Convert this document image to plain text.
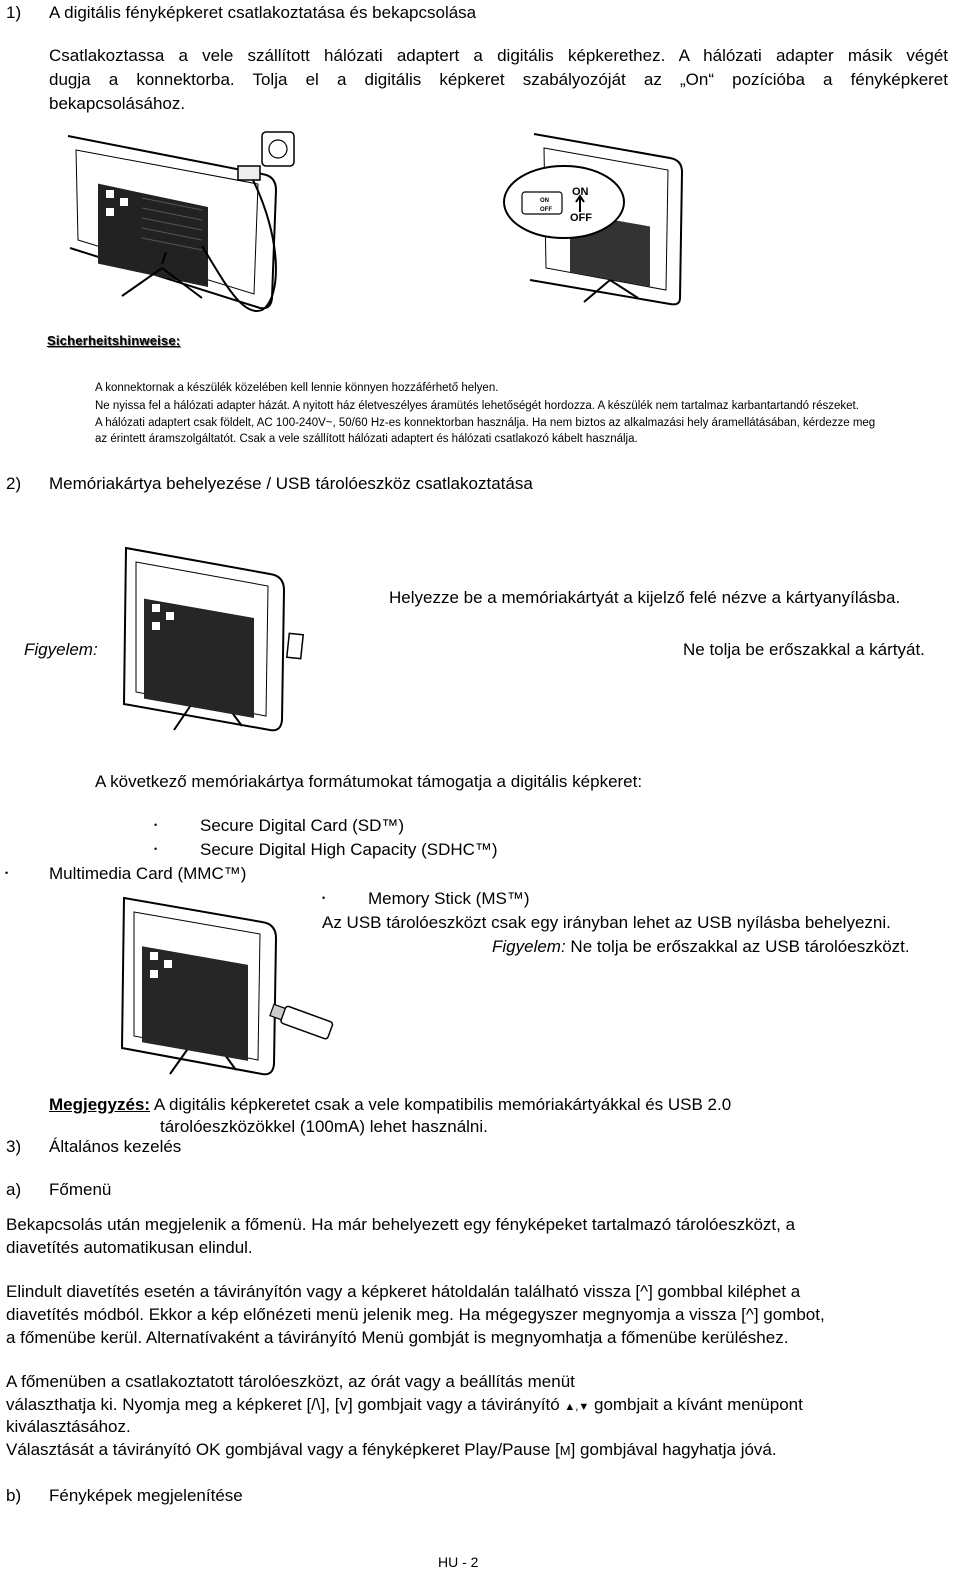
1) A digitális fényképkeret csatlakoztatása és bekapcsolása
Csatlakoztassa a vele szállított hálózati adaptert a digitális képkerethez. A hálózati adapter másik végét
dugja a konnektorba. Tolja el a digitális képkeret szabályozóját az „On“ pozícióba a fényképkeret
bekapcsolásához.
ON
OFF
ON
OFF
Sicherheitshinweise:
A konnektornak a készülék közelében kell lennie könnyen hozzáférhető helyen.
Ne nyissa fel a hálózati adapter házát. A nyitott ház életveszélyes áramütés lehetőségét hordozza. A készülék nem tartalmaz karbantartandó részeket.
A hálózati adaptert csak földelt, AC 100-240V~, 50/60 Hz-es konnektorban használja. Ha nem biztos az alkalmazási hely áramellátásában, kérdezze meg
az érintett áramszolgáltatót. Csak a vele szállított hálózati adaptert és hálózati csatlakozó kábelt használja.
2) Memóriakártya behelyezése / USB tárolóeszköz csatlakoztatása
Helyezze be a memóriakártyát a kijelző felé nézve a kártyanyílásba.
Figyelem:	Ne tolja be erőszakkal a kártyát.
A következő memóriakártya formátumokat támogatja a digitális képkeret:
•	Secure Digital Card (SD™)
•	Secure Digital High Capacity (SDHC™)
• Multimedia Card (MMC™)
•	Memory Stick (MS™)
Az USB tárolóeszközt csak egy irányban lehet az USB nyílásba behelyezni.
Figyelem: Ne tolja be erőszakkal az USB tárolóeszközt.
Megjegyzés: A digitális képkeretet csak a vele kompatibilis memóriakártyákkal és USB 2.0
tárolóeszközökkel (100mA) lehet használni.
3) Általános kezelés
a) Főmenü
Bekapcsolás után megjelenik a főmenü. Ha már behelyezett egy fényképeket tartalmazó tárolóeszközt, a
diavetítés automatikusan elindul.
Elindult diavetítés esetén a távirányítón vagy a képkeret hátoldalán található vissza [^] gombbal kiléphet a
diavetítés módból. Ekkor a kép előnézeti menü jelenik meg. Ha mégegyszer megnyomja a vissza [^] gombot,
a főmenübe kerül. Alternatívaként a távirányító Menü gombját is megnyomhatja a főmenübe kerüléshez.
A főmenüben a csatlakoztatott tárolóeszközt, az órát vagy a beállítás menüt
választhatja ki. Nyomja meg a képkeret [/\], [v] gombjait vagy a távirányító ▲,▼ gombjait a kívánt menüpont
kiválasztásához.
Választását a távirányító OK gombjával vagy a fényképkeret Play/Pause [M] gombjával hagyhatja jóvá.
b) Fényképek megjelenítése
HU - 2
